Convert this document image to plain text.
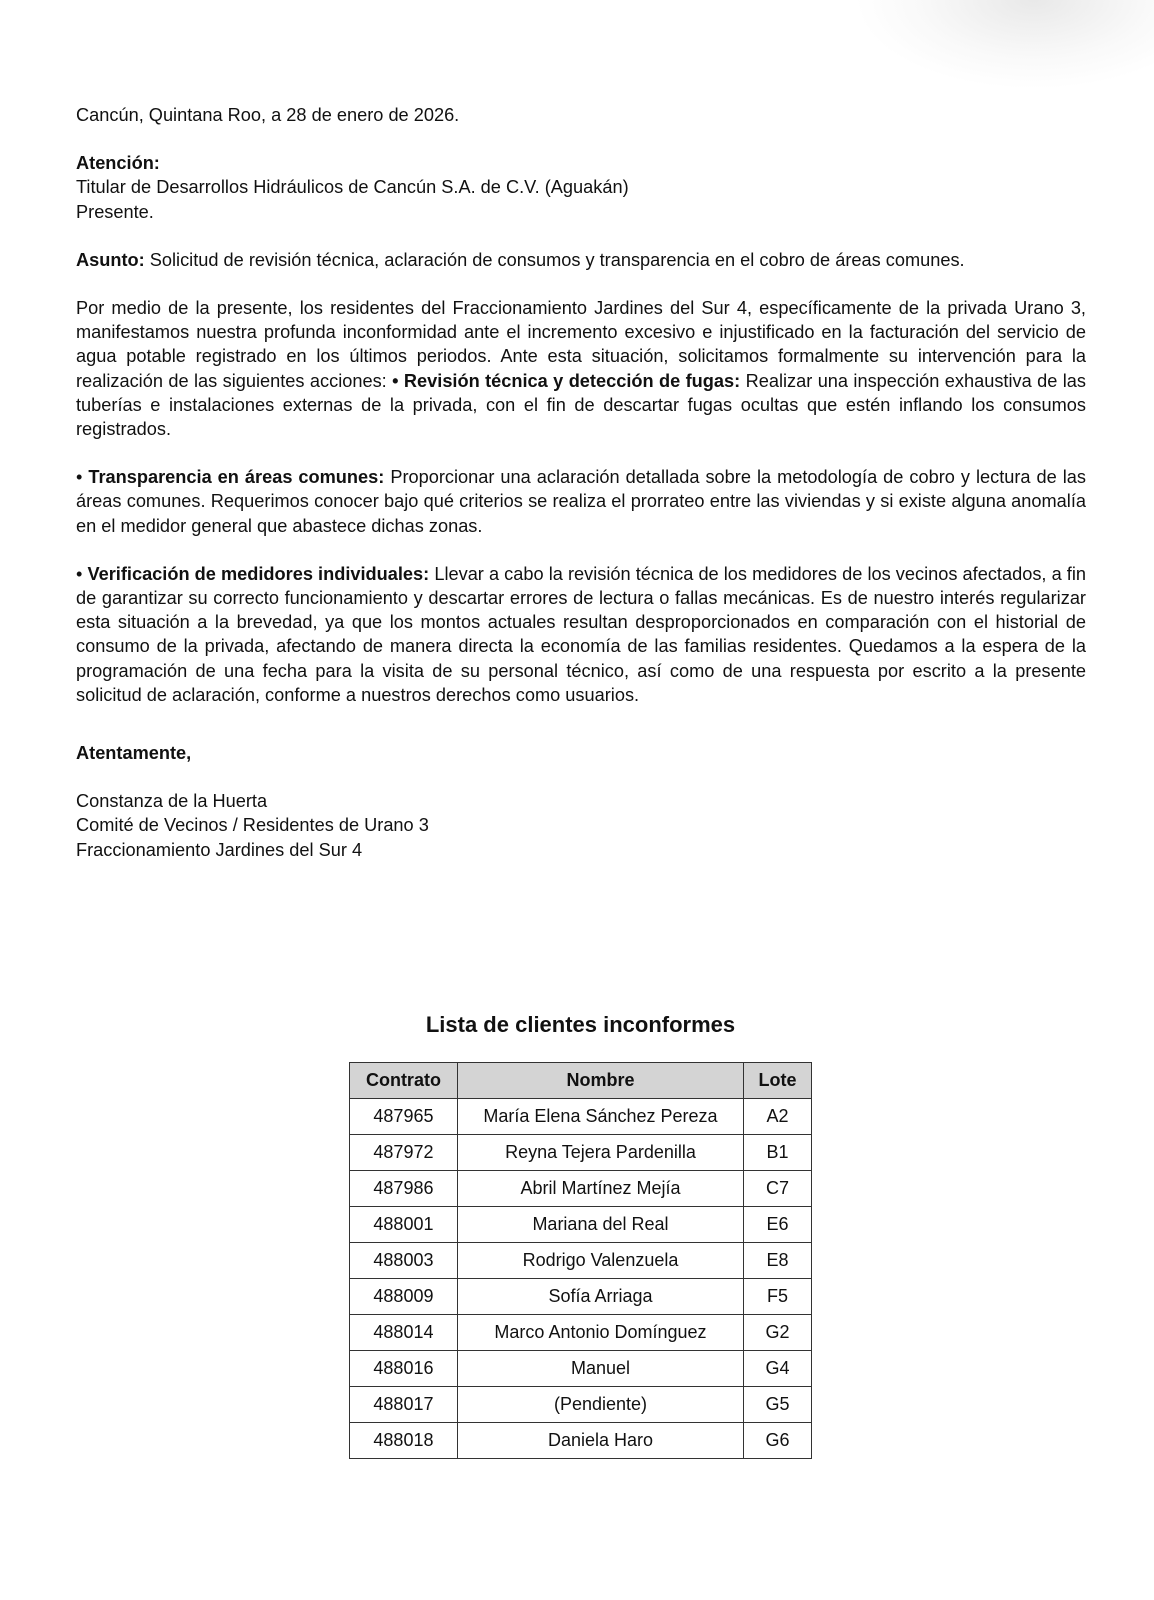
Cancún, Quintana Roo, a 28 de enero de 2026.

Atención:

Titular de Desarrollos Hidráulicos de Cancún S.A. de C.V. (Aguakán)

Presente.

Asunto: Solicitud de revisión técnica, aclaración de consumos y transparencia en el cobro de áreas comunes.

Por medio de la presente, los residentes del Fraccionamiento Jardines del Sur 4, específicamente de la privada Urano 3, manifestamos nuestra profunda inconformidad ante el incremento excesivo e injustificado en la facturación del servicio de agua potable registrado en los últimos periodos. Ante esta situación, solicitamos formalmente su intervención para la realización de las siguientes acciones: • Revisión técnica y detección de fugas: Realizar una inspección exhaustiva de las tuberías e instalaciones externas de la privada, con el fin de descartar fugas ocultas que estén inflando los consumos registrados.

• Transparencia en áreas comunes: Proporcionar una aclaración detallada sobre la metodología de cobro y lectura de las áreas comunes. Requerimos conocer bajo qué criterios se realiza el prorrateo entre las viviendas y si existe alguna anomalía en el medidor general que abastece dichas zonas.

• Verificación de medidores individuales: Llevar a cabo la revisión técnica de los medidores de los vecinos afectados, a fin de garantizar su correcto funcionamiento y descartar errores de lectura o fallas mecánicas. Es de nuestro interés regularizar esta situación a la brevedad, ya que los montos actuales resultan desproporcionados en comparación con el historial de consumo de la privada, afectando de manera directa la economía de las familias residentes. Quedamos a la espera de la programación de una fecha para la visita de su personal técnico, así como de una respuesta por escrito a la presente solicitud de aclaración, conforme a nuestros derechos como usuarios.

Atentamente,

Constanza de la Huerta

Comité de Vecinos / Residentes de Urano 3

Fraccionamiento Jardines del Sur 4

Lista de clientes inconformes
Contrato	Nombre	Lote
487965	María Elena Sánchez Pereza	A2
487972	Reyna Tejera Pardenilla	B1
487986	Abril Martínez Mejía	C7
488001	Mariana del Real	E6
488003	Rodrigo Valenzuela	E8
488009	Sofía Arriaga	F5
488014	Marco Antonio Domínguez	G2
488016	Manuel	G4
488017	(Pendiente)	G5
488018	Daniela Haro	G6
